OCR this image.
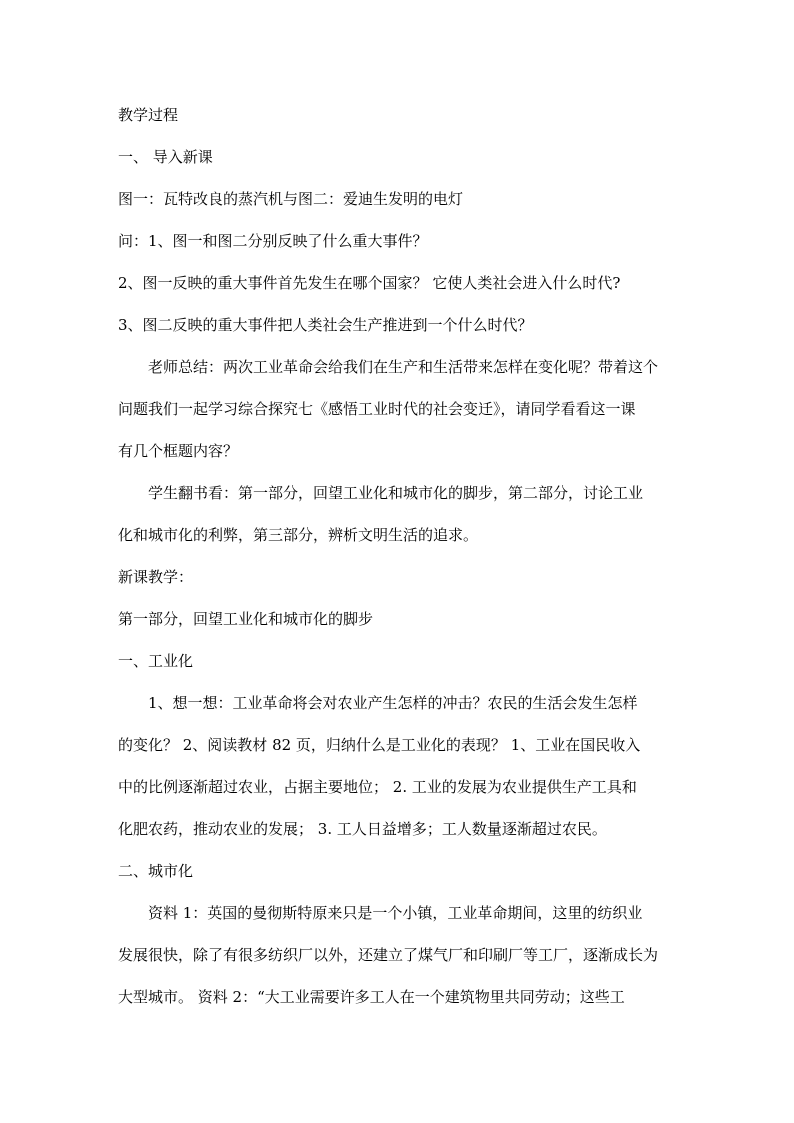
教学过程
一、 导入新课
图一：瓦特改良的蒸汽机与图二：爱迪生发明的电灯
问：1、图一和图二分别反映了什么重大事件？
2、图一反映的重大事件首先发生在哪个国家？ 它使人类社会进入什么时代?
3、图二反映的重大事件把人类社会生产推进到一个什么时代？
老师总结：两次工业革命会给我们在生产和生活带来怎样在变化呢？带着这个
问题我们一起学习综合探究七《感悟工业时代的社会变迁》，请同学看看这一课
有几个框题内容？
学生翻书看：第一部分，回望工业化和城市化的脚步，第二部分，讨论工业
化和城市化的利弊，第三部分，辨析文明生活的追求。
新课教学：
第一部分，回望工业化和城市化的脚步
一、工业化
1、想一想：工业革命将会对农业产生怎样的冲击？农民的生活会发生怎样
的变化？ 2、阅读教材 82 页，归纳什么是工业化的表现？ 1、工业在国民收入
中的比例逐渐超过农业，占据主要地位； 2. 工业的发展为农业提供生产工具和
化肥农药，推动农业的发展； 3. 工人日益增多；工人数量逐渐超过农民。
二、城市化
资料 1：英国的曼彻斯特原来只是一个小镇，工业革命期间，这里的纺织业
发展很快，除了有很多纺织厂以外，还建立了煤气厂和印刷厂等工厂，逐渐成长为
大型城市。 资料 2：“大工业需要许多工人在一个建筑物里共同劳动；这些工
